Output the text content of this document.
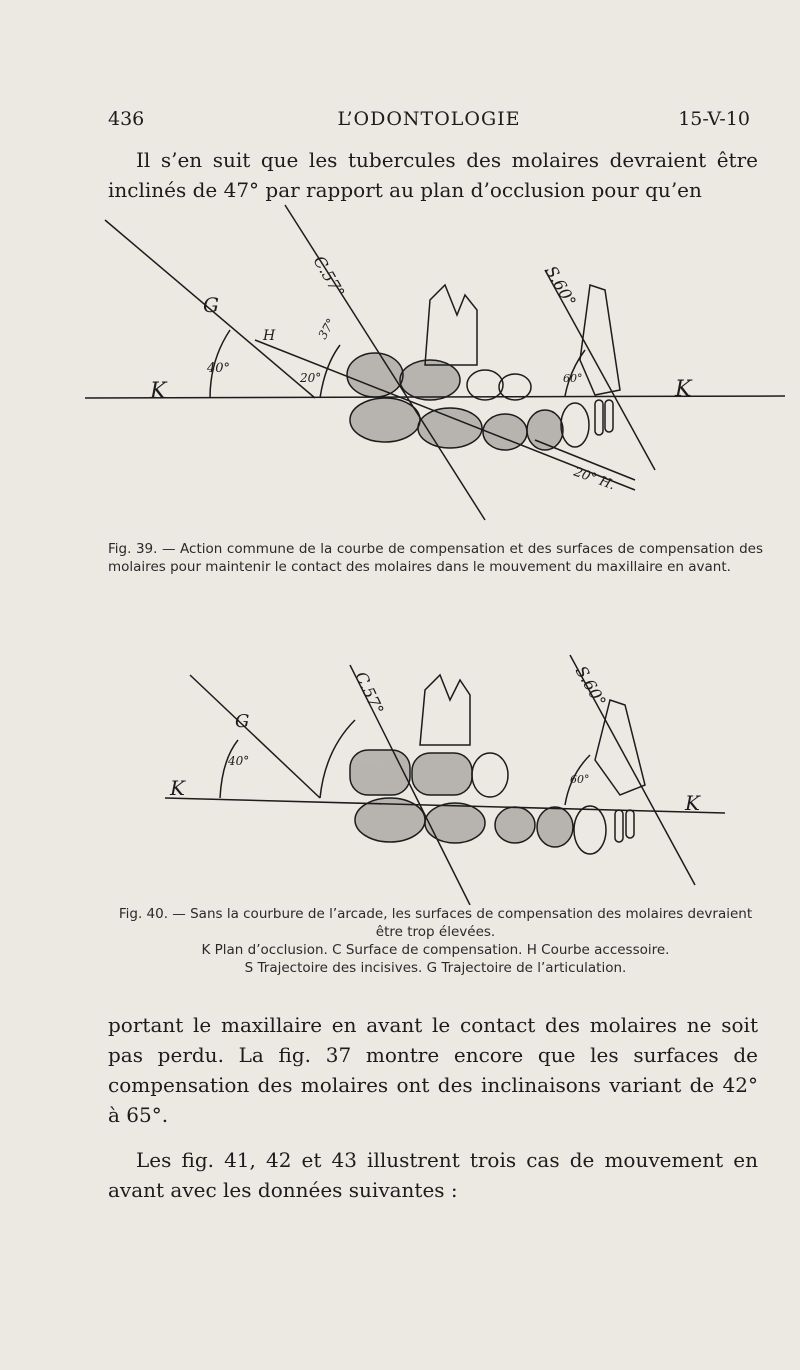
436	L’ODONTOLOGIE	15-V-10
Il s’en suit que les tubercules des molaires devraient être inclinés de 47° par rapport au plan d’occlusion pour qu’en
K	K
G
H
C.57°	S.60°
40°
37°
20°	60°
20° H.
Fig. 39. — Action commune de la courbe de compensation et des surfaces de compensation des molaires pour maintenir le contact des molaires dans le mouvement du maxillaire en avant.
K
K
G
C.57°	S.60°
40°
60°
Fig. 40. — Sans la courbure de l’arcade, les surfaces de compensation des molaires devraient être trop élevées.
K Plan d’occlusion. C Surface de compensation. H Courbe accessoire.
S Trajectoire des incisives. G Trajectoire de l’articulation.
portant le maxillaire en avant le contact des molaires ne soit pas perdu. La fig. 37 montre encore que les surfaces de compensation des molaires ont des inclinaisons variant de 42° à 65°.
Les fig. 41, 42 et 43 illustrent trois cas de mouvement en avant avec les données suivantes :
